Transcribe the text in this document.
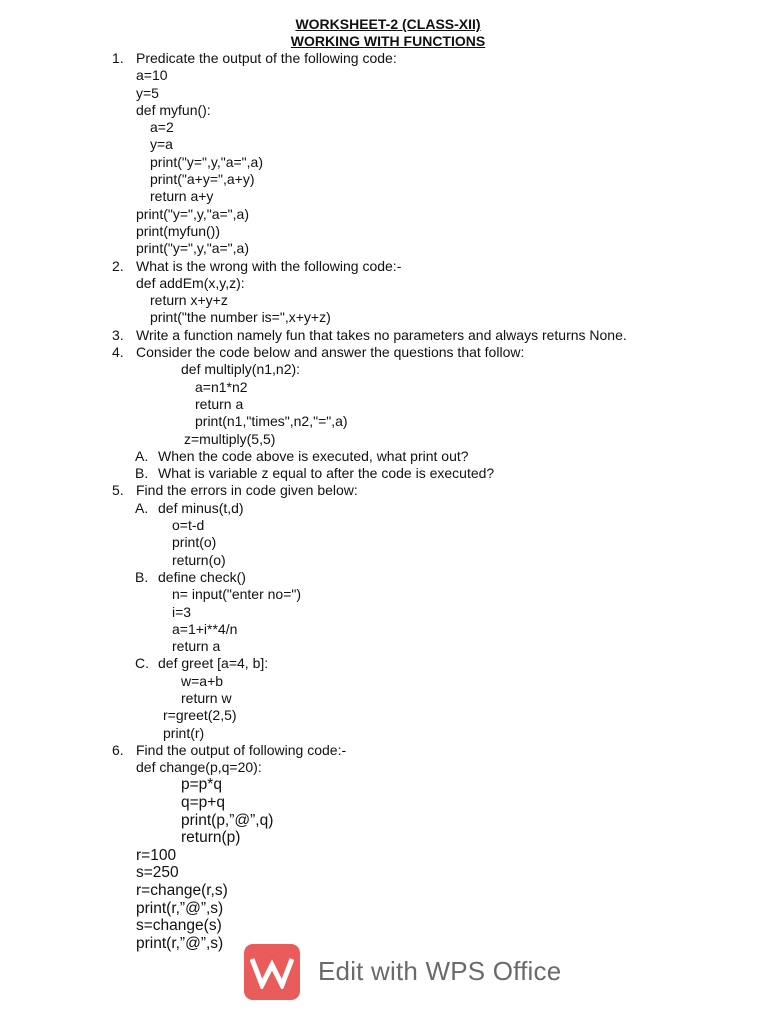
WORKSHEET-2 (CLASS-XII)
WORKING WITH FUNCTIONS
1. Predicate the output of the following code:
a=10
y=5
def myfun():
a=2
y=a
print("y=",y,"a=",a)
print("a+y=",a+y)
return a+y
print("y=",y,"a=",a)
print(myfun())
print("y=",y,"a=",a)
2. What is the wrong with the following code:-
def addEm(x,y,z):
return x+y+z
print("the number is=",x+y+z)
3. Write a function namely fun that takes no parameters and always returns None.
4. Consider the code below and answer the questions that follow:
def multiply(n1,n2):
a=n1*n2
return a
print(n1,"times",n2,"=",a)
z=multiply(5,5)
A. When the code above is executed, what print out?
B. What is variable z equal to after the code is executed?
5. Find the errors in code given below:
A. def minus(t,d)
o=t-d
print(o)
return(o)
B. define check()
n= input("enter no=")
i=3
a=1+i**4/n
return a
C. def greet [a=4, b]:
w=a+b
return w
r=greet(2,5)
print(r)
6. Find the output of following code:-
def change(p,q=20):
p=p*q
q=p+q
print(p,”@”,q)
return(p)
r=100
s=250
r=change(r,s)
print(r,”@”,s)
s=change(s)
print(r,”@”,s)
Edit with WPS Office
